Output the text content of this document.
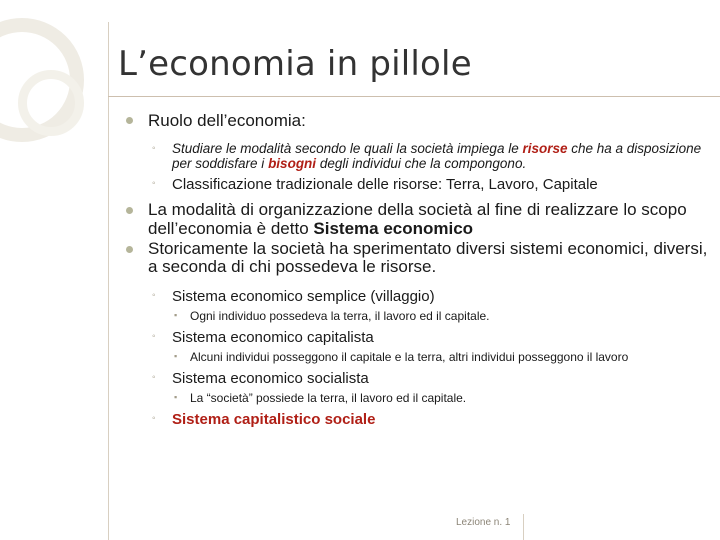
L’economia in pillole
Ruolo dell’economia:
◦ Studiare le modalità secondo le quali la società impiega le risorse che ha a disposizione per soddisfare i bisogni degli individui che la compongono.
◦ Classificazione tradizionale delle risorse: Terra, Lavoro, Capitale
La modalità di organizzazione della società al fine di realizzare lo scopo dell’economia è detto Sistema economico
Storicamente la società ha sperimentato diversi sistemi economici, diversi, a seconda di chi possedeva le risorse.
◦ Sistema economico semplice (villaggio)
▪ Ogni individuo possedeva la terra, il lavoro ed il capitale.
◦ Sistema economico capitalista
▪ Alcuni individui posseggono il capitale e la terra, altri individui posseggono il lavoro
◦ Sistema economico socialista
▪ La “società” possiede la terra, il lavoro ed il capitale.
◦ Sistema capitalistico sociale
Lezione n. 1
